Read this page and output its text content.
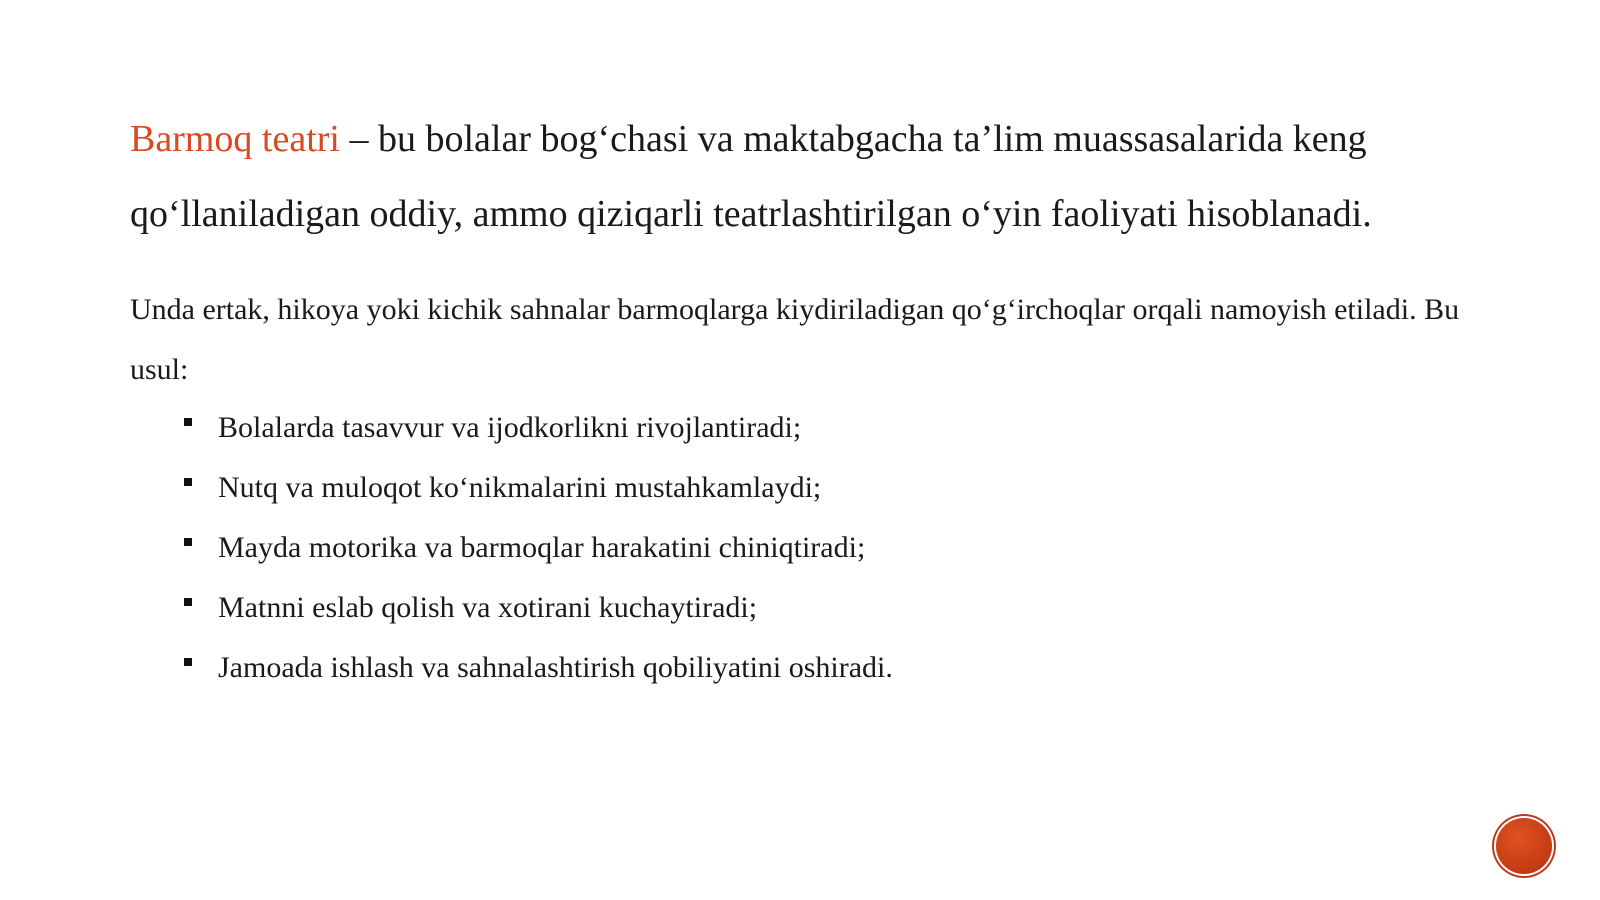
Barmoq teatri – bu bolalar bog‘chasi va maktabgacha ta’lim muassasalarida keng qo‘llaniladigan oddiy, ammo qiziqarli teatrlashtirilgan o‘yin faoliyati hisoblanadi.
Unda ertak, hikoya yoki kichik sahnalar barmoqlarga kiydiriladigan qo‘g‘irchoqlar orqali namoyish etiladi. Bu usul:
Bolalarda tasavvur va ijodkorlikni rivojlantiradi;
Nutq va muloqot ko‘nikmalarini mustahkamlaydi;
Mayda motorika va barmoqlar harakatini chiniqtiradi;
Matnni eslab qolish va xotirani kuchaytiradi;
Jamoada ishlash va sahnalashtirish qobiliyatini oshiradi.
